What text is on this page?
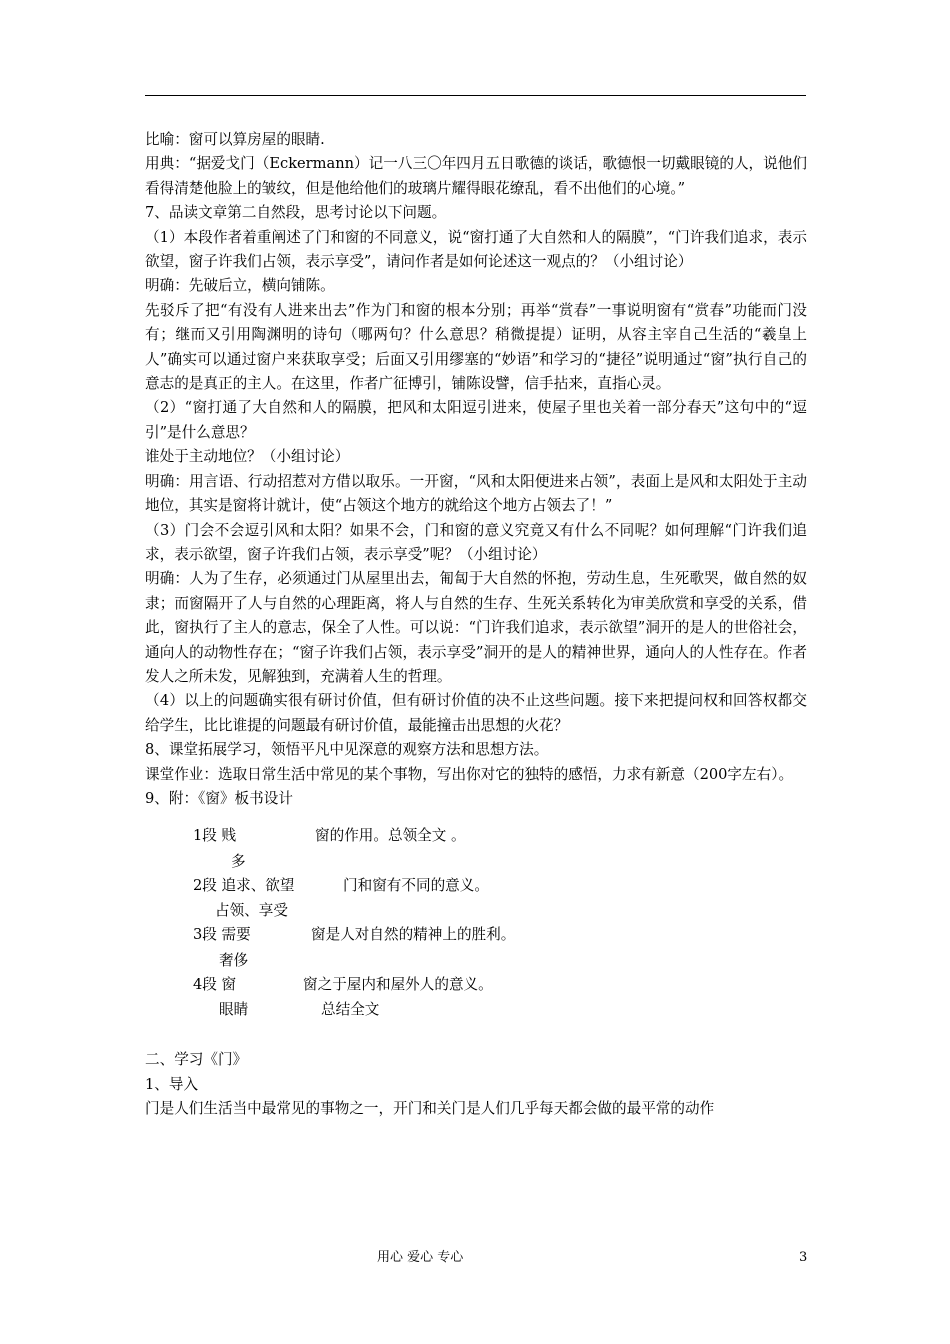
比喻：窗可以算房屋的眼睛.

用典：“据爱戈门（Eckermann）记一八三〇年四月五日歌德的谈话，歌德恨一切戴眼镜的人，说他们看得清楚他脸上的皱纹，但是他给他们的玻璃片耀得眼花缭乱，看不出他们的心境。”

7、品读文章第二自然段，思考讨论以下问题。

（1）本段作者着重阐述了门和窗的不同意义，说“窗打通了大自然和人的隔膜”，“门许我们追求，表示欲望，窗子许我们占领，表示享受”，请问作者是如何论述这一观点的？（小组讨论）

明确：先破后立，横向铺陈。

先驳斥了把“有没有人进来出去”作为门和窗的根本分别；再举“赏春”一事说明窗有“赏春”功能而门没有；继而又引用陶渊明的诗句（哪两句？什么意思？稍微提提）证明，从容主宰自己生活的“羲皇上人”确实可以通过窗户来获取享受；后面又引用缪塞的“妙语”和学习的“捷径”说明通过“窗”执行自己的意志的是真正的主人。在这里，作者广征博引，铺陈设譬，信手拈来，直指心灵。

（2）“窗打通了大自然和人的隔膜，把风和太阳逗引进来，使屋子里也关着一部分春天”这句中的“逗引”是什么意思？

谁处于主动地位？（小组讨论）

明确：用言语、行动招惹对方借以取乐。一开窗，“风和太阳便进来占领”，表面上是风和太阳处于主动地位，其实是窗将计就计，使“占领这个地方的就给这个地方占领去了！”

（3）门会不会逗引风和太阳？如果不会，门和窗的意义究竟又有什么不同呢？如何理解“门许我们追求，表示欲望，窗子许我们占领，表示享受”呢？（小组讨论）

明确：人为了生存，必须通过门从屋里出去，匍匐于大自然的怀抱，劳动生息，生死歌哭，做自然的奴隶；而窗隔开了人与自然的心理距离，将人与自然的生存、生死关系转化为审美欣赏和享受的关系，借此，窗执行了主人的意志，保全了人性。可以说：“门许我们追求，表示欲望”洞开的是人的世俗社会，通向人的动物性存在；“窗子许我们占领，表示享受”洞开的是人的精神世界，通向人的人性存在。作者发人之所未发，见解独到，充满着人生的哲理。

（4）以上的问题确实很有研讨价值，但有研讨价值的决不止这些问题。接下来把提问权和回答权都交给学生，比比谁提的问题最有研讨价值，最能撞击出思想的火花？

8、课堂拓展学习，领悟平凡中见深意的观察方法和思想方法。

课堂作业：选取日常生活中常见的某个事物，写出你对它的独特的感悟，力求有新意（200字左右）。

9、附：《窗》板书设计

1段 贱	窗的作用。总领全文 。
多
2段 追求、欲望	门和窗有不同的意义。
占领、享受
3段 需要	窗是人对自然的精神上的胜利。
奢侈
4段 窗	窗之于屋内和屋外人的意义。
眼睛	总结全文

二、学习《门》

1、导入

门是人们生活当中最常见的事物之一，开门和关门是人们几乎每天都会做的最平常的动作

用心 爱心 专心	3
